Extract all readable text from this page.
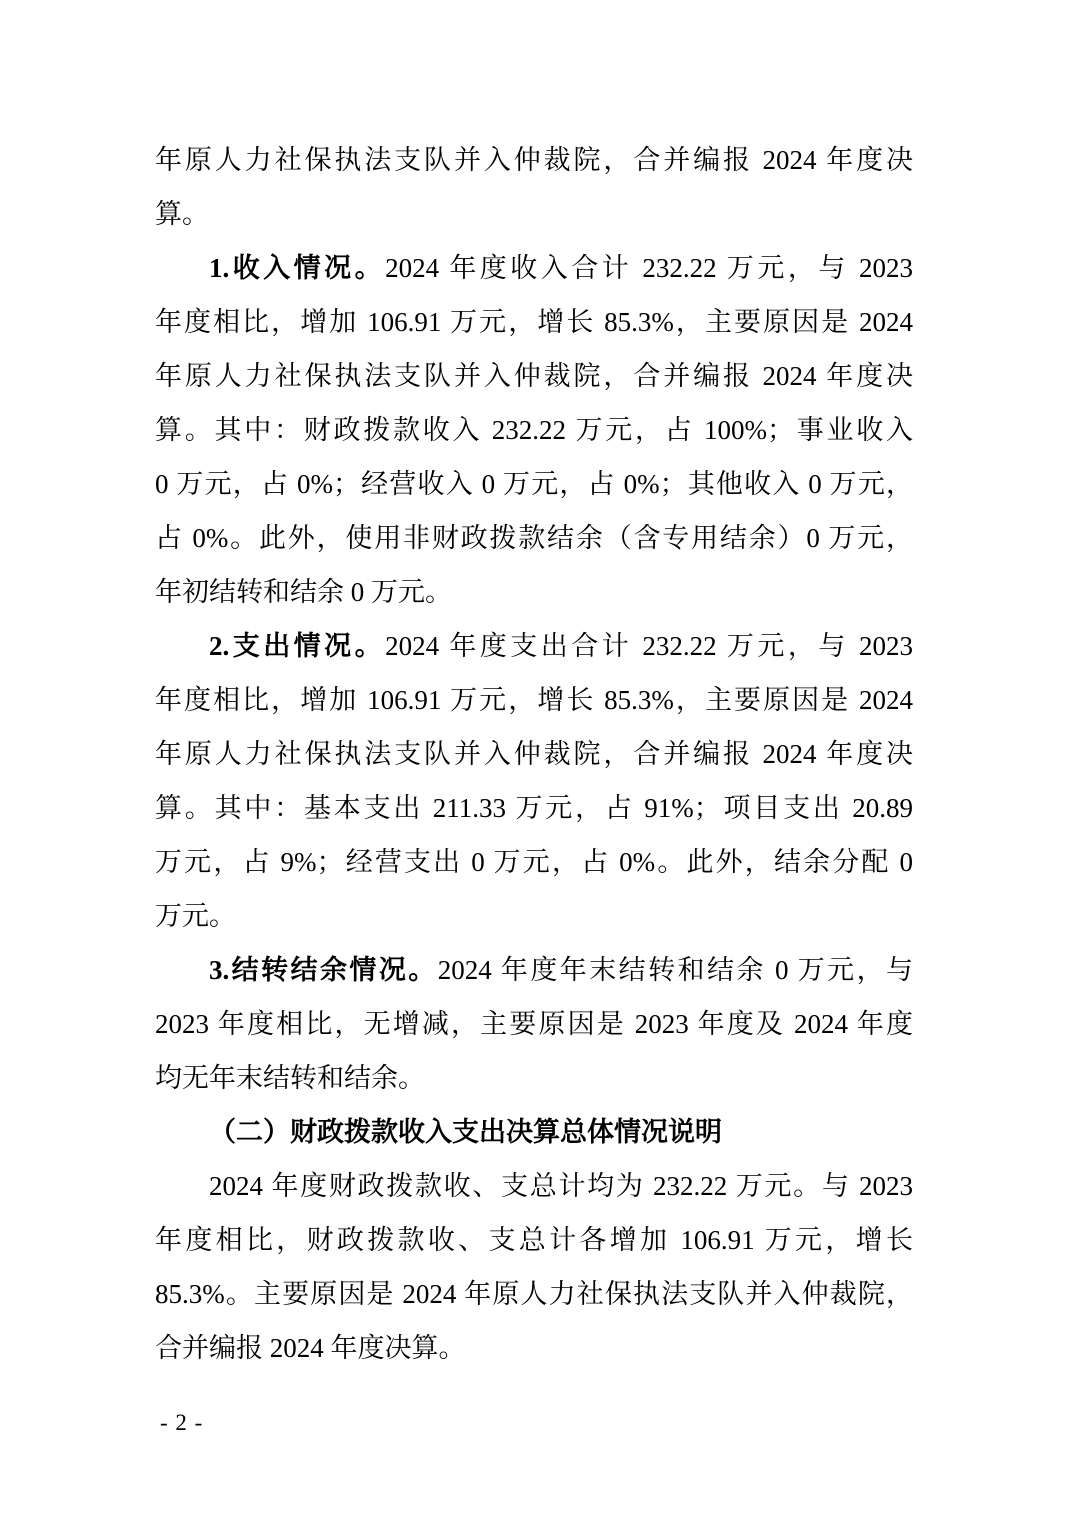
年原人力社保执法支队并入仲裁院，合并编报 2024 年度决

算。

1.收入情况。2024 年度收入合计 232.22 万元，与 2023

年度相比，增加 106.91 万元，增长 85.3%，主要原因是 2024

年原人力社保执法支队并入仲裁院，合并编报 2024 年度决

算。其中：财政拨款收入 232.22 万元，占 100%；事业收入

0 万元，占 0%；经营收入 0 万元，占 0%；其他收入 0 万元，

占 0%。此外，使用非财政拨款结余（含专用结余）0 万元，

年初结转和结余 0 万元。

2.支出情况。2024 年度支出合计 232.22 万元，与 2023

年度相比，增加 106.91 万元，增长 85.3%，主要原因是 2024

年原人力社保执法支队并入仲裁院，合并编报 2024 年度决

算。其中：基本支出 211.33 万元，占 91%；项目支出 20.89

万元，占 9%；经营支出 0 万元，占 0%。此外，结余分配 0

万元。

3.结转结余情况。2024 年度年末结转和结余 0 万元，与

2023 年度相比，无增减，主要原因是 2023 年度及 2024 年度

均无年末结转和结余。

（二）财政拨款收入支出决算总体情况说明

2024 年度财政拨款收、支总计均为 232.22 万元。与 2023

年度相比，财政拨款收、支总计各增加 106.91 万元，增长

85.3%。主要原因是 2024 年原人力社保执法支队并入仲裁院，

合并编报 2024 年度决算。

- 2 -
